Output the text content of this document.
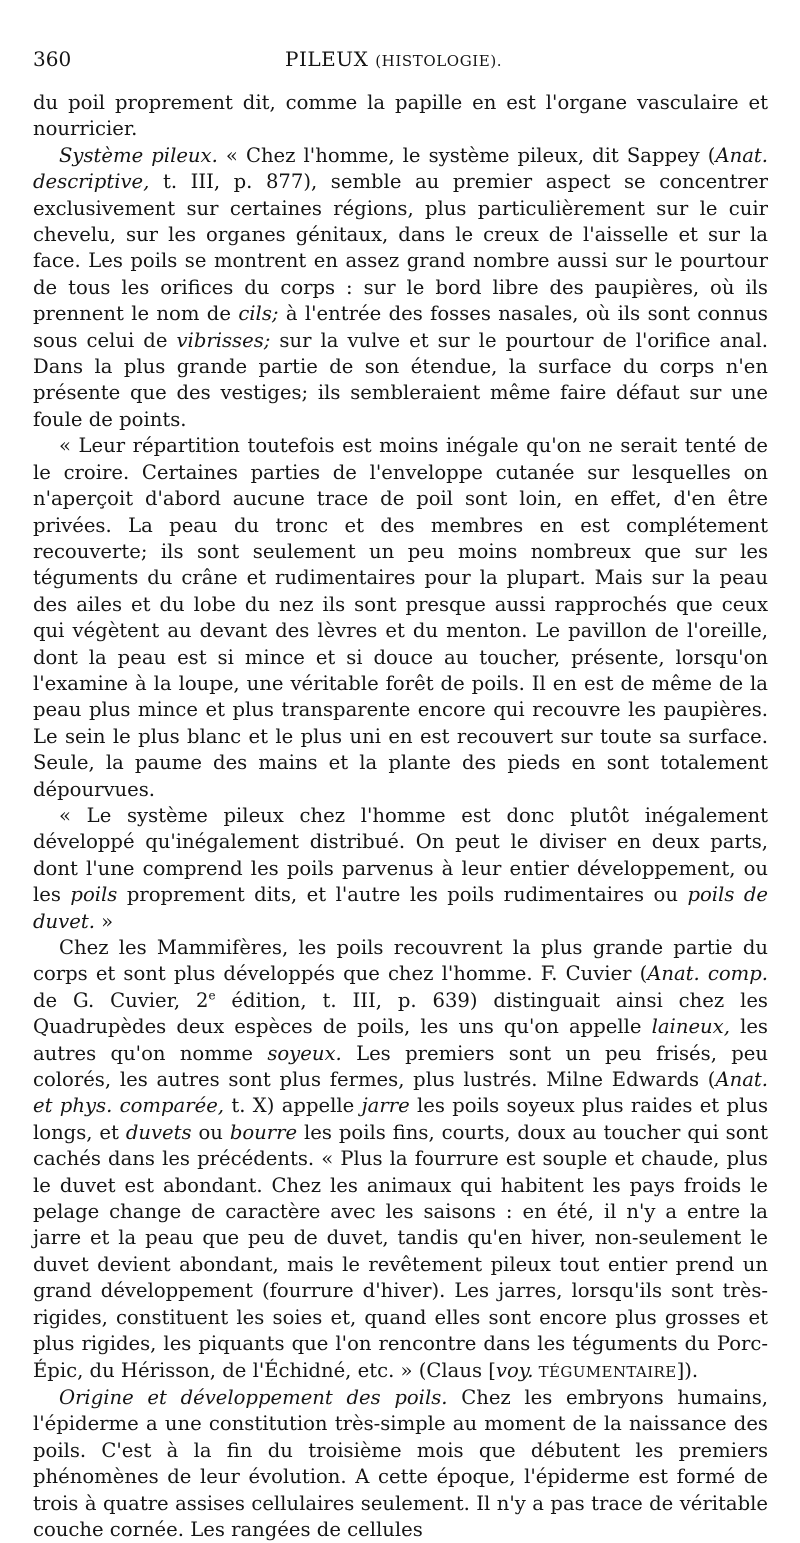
360	PILEUX (HISTOLOGIE).

du poil proprement dit, comme la papille en est l'organe vasculaire et nourricier.

Système pileux. « Chez l'homme, le système pileux, dit Sappey (Anat. descriptive, t. III, p. 877), semble au premier aspect se concentrer exclusivement sur certaines régions, plus particulièrement sur le cuir chevelu, sur les organes génitaux, dans le creux de l'aisselle et sur la face. Les poils se montrent en assez grand nombre aussi sur le pourtour de tous les orifices du corps : sur le bord libre des paupières, où ils prennent le nom de cils; à l'entrée des fosses nasales, où ils sont connus sous celui de vibrisses; sur la vulve et sur le pourtour de l'orifice anal. Dans la plus grande partie de son étendue, la surface du corps n'en présente que des vestiges; ils sembleraient même faire défaut sur une foule de points.

« Leur répartition toutefois est moins inégale qu'on ne serait tenté de le croire. Certaines parties de l'enveloppe cutanée sur lesquelles on n'aperçoit d'abord aucune trace de poil sont loin, en effet, d'en être privées. La peau du tronc et des membres en est complétement recouverte; ils sont seulement un peu moins nombreux que sur les téguments du crâne et rudimentaires pour la plupart. Mais sur la peau des ailes et du lobe du nez ils sont presque aussi rapprochés que ceux qui végètent au devant des lèvres et du menton. Le pavillon de l'oreille, dont la peau est si mince et si douce au toucher, présente, lorsqu'on l'examine à la loupe, une véritable forêt de poils. Il en est de même de la peau plus mince et plus transparente encore qui recouvre les paupières. Le sein le plus blanc et le plus uni en est recouvert sur toute sa surface. Seule, la paume des mains et la plante des pieds en sont totalement dépourvues.

« Le système pileux chez l'homme est donc plutôt inégalement développé qu'inégalement distribué. On peut le diviser en deux parts, dont l'une comprend les poils parvenus à leur entier développement, ou les poils proprement dits, et l'autre les poils rudimentaires ou poils de duvet. »

Chez les Mammifères, les poils recouvrent la plus grande partie du corps et sont plus développés que chez l'homme. F. Cuvier (Anat. comp. de G. Cuvier, 2e édition, t. III, p. 639) distinguait ainsi chez les Quadrupèdes deux espèces de poils, les uns qu'on appelle laineux, les autres qu'on nomme soyeux. Les premiers sont un peu frisés, peu colorés, les autres sont plus fermes, plus lustrés. Milne Edwards (Anat. et phys. comparée, t. X) appelle jarre les poils soyeux plus raides et plus longs, et duvets ou bourre les poils fins, courts, doux au toucher qui sont cachés dans les précédents. « Plus la fourrure est souple et chaude, plus le duvet est abondant. Chez les animaux qui habitent les pays froids le pelage change de caractère avec les saisons : en été, il n'y a entre la jarre et la peau que peu de duvet, tandis qu'en hiver, non-seulement le duvet devient abondant, mais le revêtement pileux tout entier prend un grand développement (fourrure d'hiver). Les jarres, lorsqu'ils sont très-rigides, constituent les soies et, quand elles sont encore plus grosses et plus rigides, les piquants que l'on rencontre dans les téguments du Porc-Épic, du Hérisson, de l'Échidné, etc. » (Claus [voy. TÉGUMENTAIRE]).

Origine et développement des poils. Chez les embryons humains, l'épiderme a une constitution très-simple au moment de la naissance des poils. C'est à la fin du troisième mois que débutent les premiers phénomènes de leur évolution. A cette époque, l'épiderme est formé de trois à quatre assises cellulaires seulement. Il n'y a pas trace de véritable couche cornée. Les rangées de cellules
